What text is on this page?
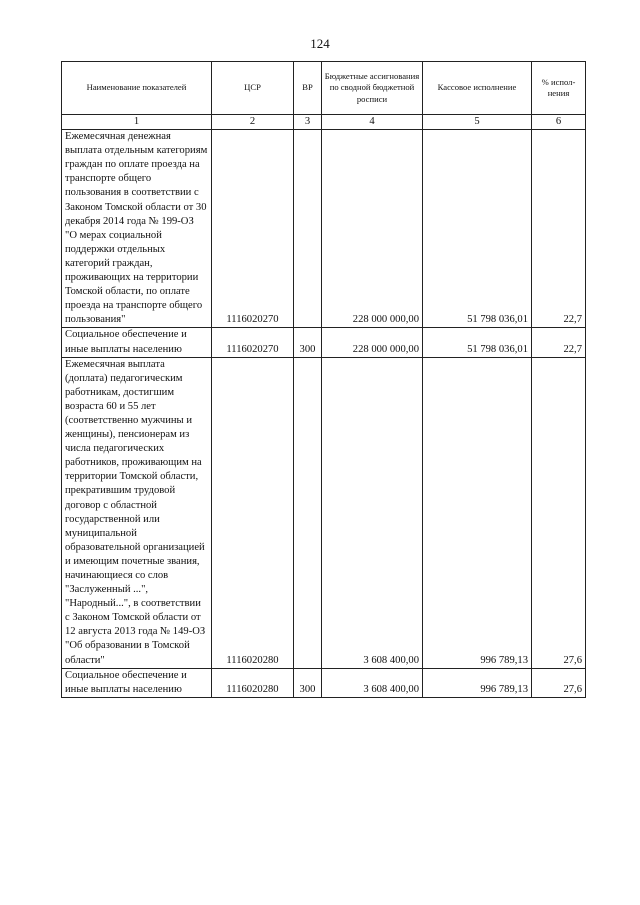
124
Наименование показателей	ЦСР	ВР	Бюджетные ассигнования по сводной бюджетной росписи	Кассовое исполнение	% испол-нения
1	2	3	4	5	6
Ежемесячная денежная выплата отдельным категориям граждан по оплате проезда на транспорте общего пользования в соответствии с Законом Томской области от 30 декабря 2014 года № 199-ОЗ "О мерах социальной поддержки отдельных категорий граждан, проживающих на территории Томской области, по оплате проезда на транспорте общего пользования"	1116020270		228 000 000,00	51 798 036,01	22,7
Социальное обеспечение и иные выплаты населению	1116020270	300	228 000 000,00	51 798 036,01	22,7
Ежемесячная выплата (доплата) педагогическим работникам, достигшим возраста 60 и 55 лет (соответственно мужчины и женщины), пенсионерам из числа педагогических работников, проживающим на территории Томской области, прекратившим трудовой договор с областной государственной или муниципальной образовательной организацией и имеющим почетные звания, начинающиеся со слов "Заслуженный ...", "Народный...", в соответствии с Законом Томской области от 12 августа 2013 года № 149-ОЗ "Об образовании в Томской области"	1116020280		3 608 400,00	996 789,13	27,6
Социальное обеспечение и иные выплаты населению	1116020280	300	3 608 400,00	996 789,13	27,6
